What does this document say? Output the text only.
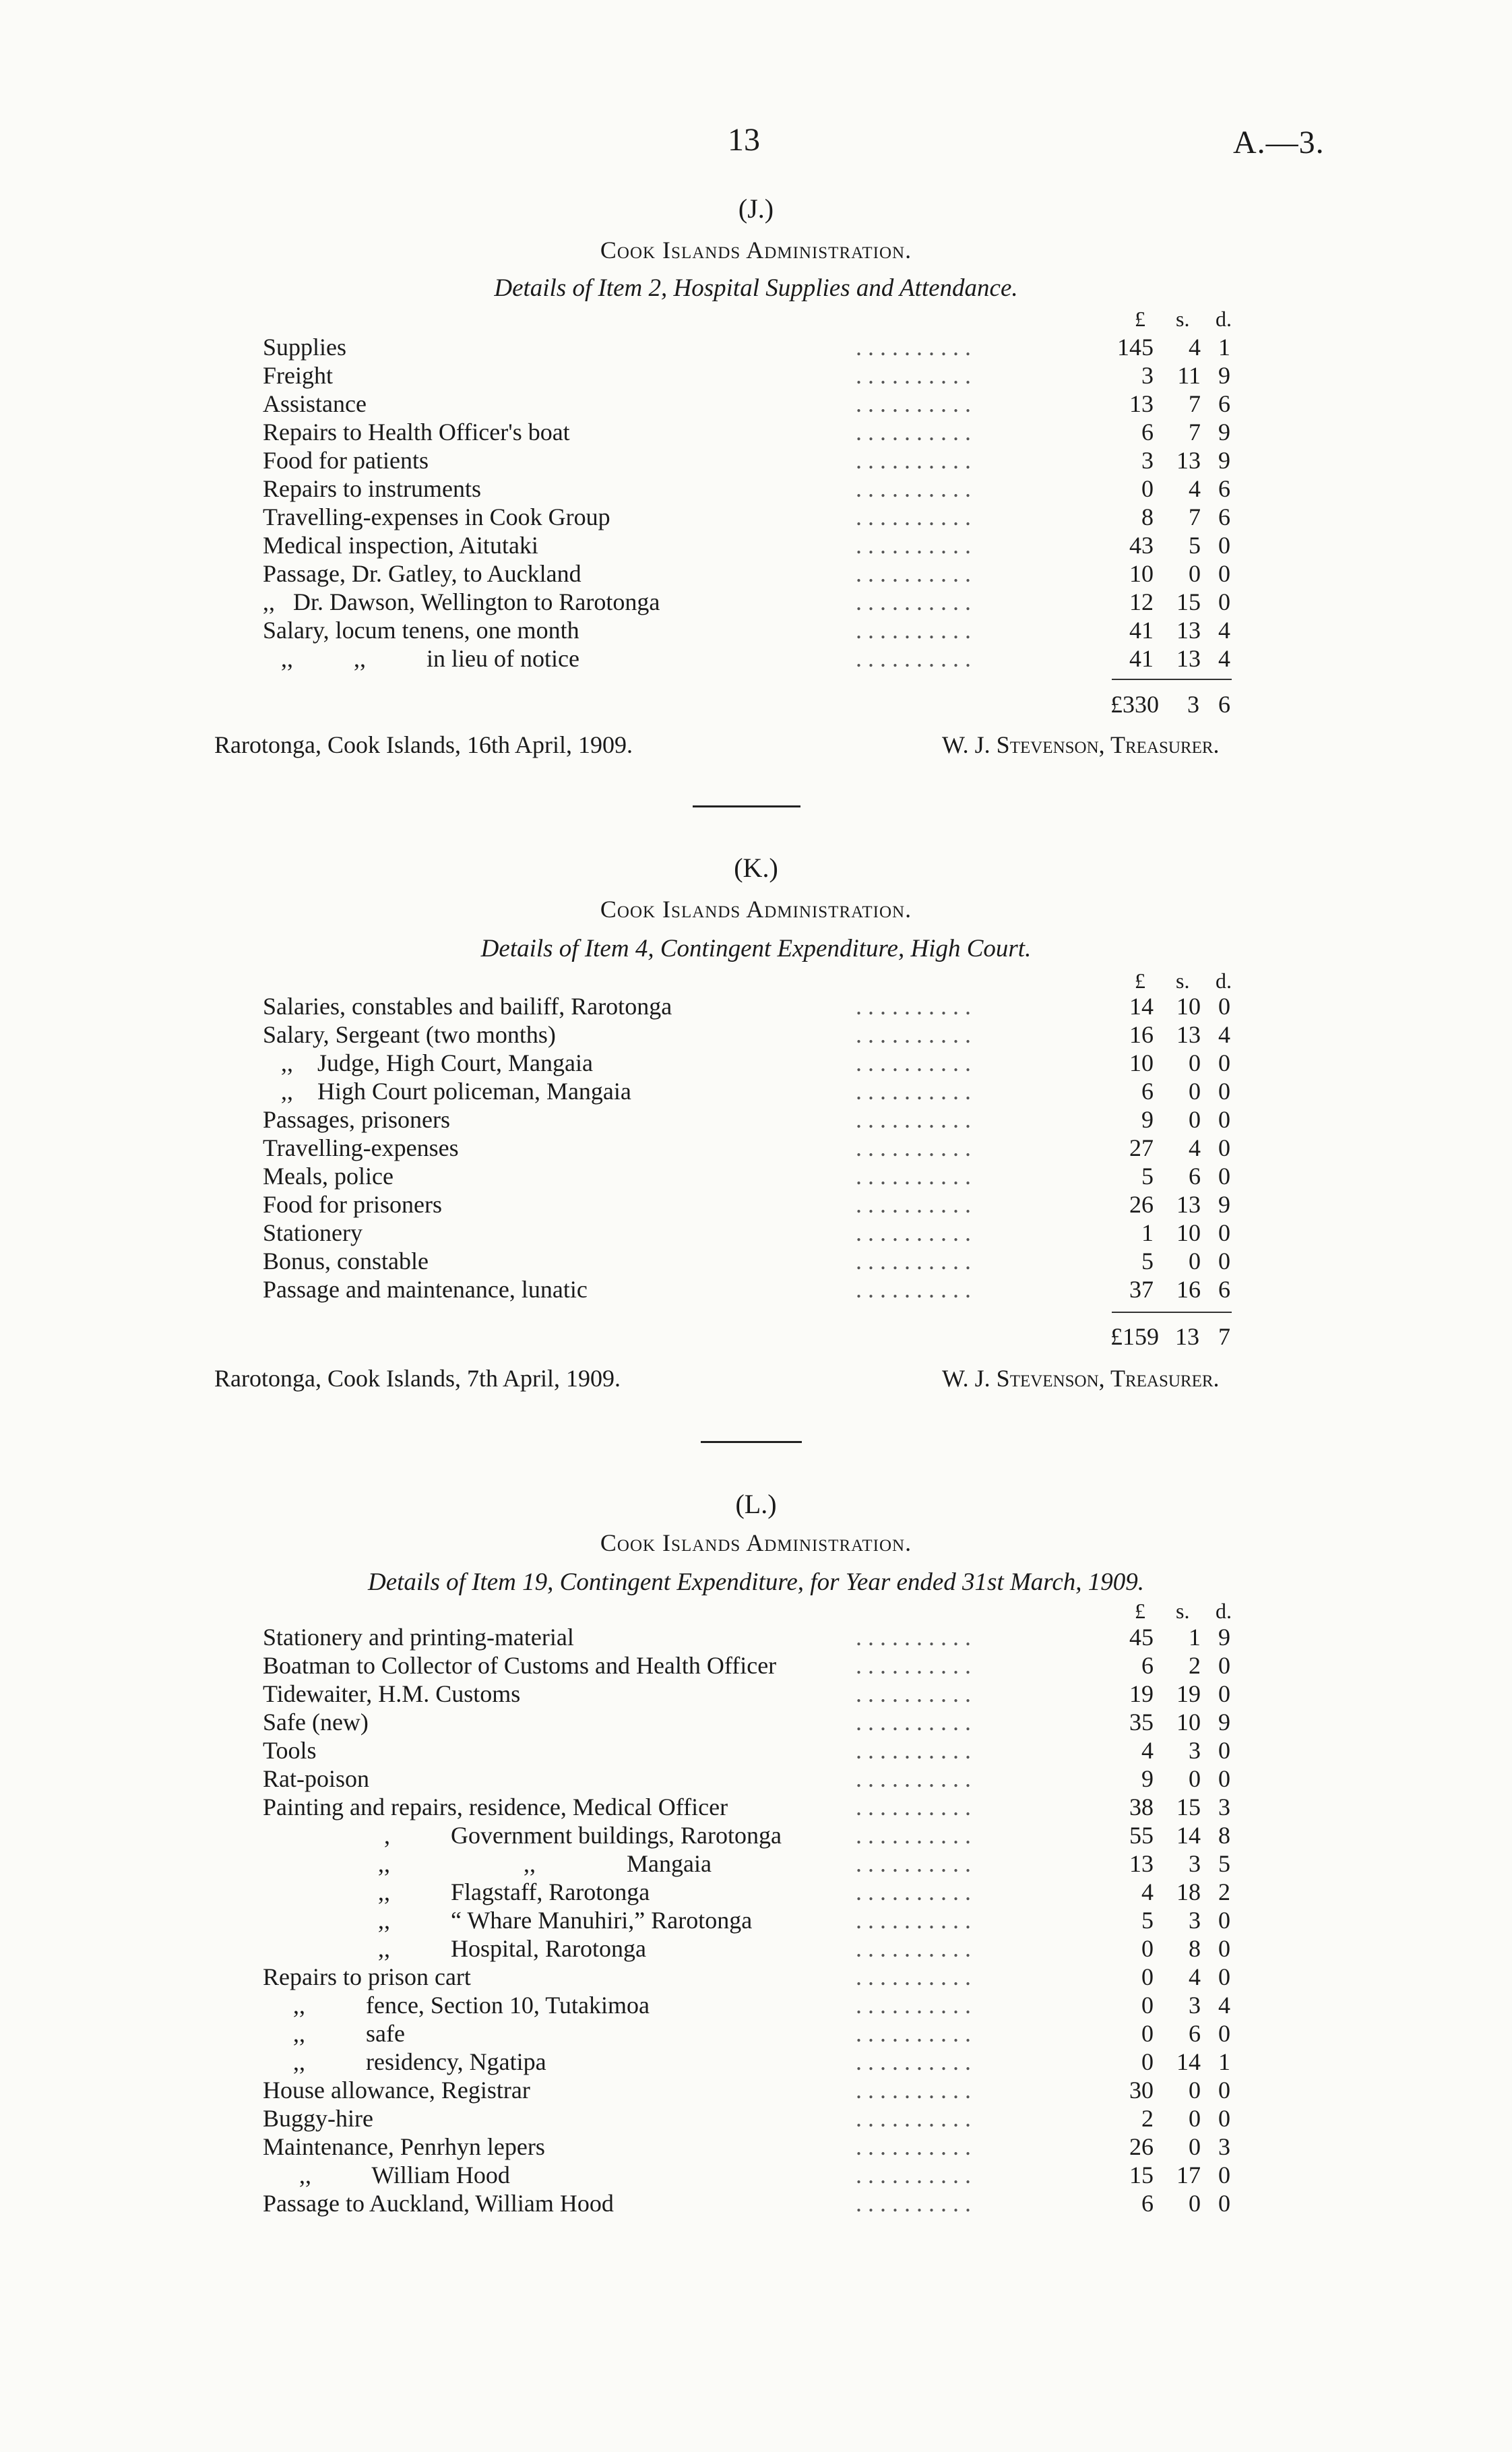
13	A.—3.
(J.)
Cook Islands Administration.
Details of Item 2, Hospital Supplies and Attendance.
£ s. d.
Supplies	. . . . . . . . . .	145	4 1
Freight	. . . . . . . . . .	3 11 9
Assistance	. . . . . . . . . .	13	7 6
Repairs to Health Officer's boat	. . . . . . . . . .	6	7 9
Food for patients	. . . . . . . . . .	3 13 9
Repairs to instruments	. . . . . . . . . .	0	4 6
Travelling-expenses in Cook Group	. . . . . . . . . .	8	7 6
Medical inspection, Aitutaki	. . . . . . . . . .	43	5 0
Passage, Dr. Gatley, to Auckland	. . . . . . . . . .	10	0 0
,,   Dr. Dawson, Wellington to Rarotonga	. . . . . . . . . .	12 15 0
Salary, locum tenens, one month	. . . . . . . . . .	41 13 4
,,          ,,          in lieu of notice	. . . . . . . . . .	41 13 4
£330	3 6
Rarotonga, Cook Islands, 16th April, 1909.	W. J. Stevenson, Treasurer.
(K.)
Cook Islands Administration.
Details of Item 4, Contingent Expenditure, High Court.
£ s. d.
Salaries, constables and bailiff, Rarotonga	. . . . . . . . . .	14 10 0
Salary, Sergeant (two months)	. . . . . . . . . .	16 13 4
,,    Judge, High Court, Mangaia	. . . . . . . . . .	10	0 0
,,    High Court policeman, Mangaia	. . . . . . . . . .	6	0 0
Passages, prisoners	. . . . . . . . . .	9	0 0
Travelling-expenses	. . . . . . . . . .	27	4 0
Meals, police	. . . . . . . . . .	5	6 0
Food for prisoners	. . . . . . . . . .	26 13 9
Stationery	. . . . . . . . . .	1 10 0
Bonus, constable	. . . . . . . . . .	5	0 0
Passage and maintenance, lunatic	. . . . . . . . . .	37 16 6
£159 13 7
Rarotonga, Cook Islands, 7th April, 1909.	W. J. Stevenson, Treasurer.
(L.)
Cook Islands Administration.
Details of Item 19, Contingent Expenditure, for Year ended 31st March, 1909.
£ s. d.
Stationery and printing-material	. . . . . . . . . .	45	1 9
Boatman to Collector of Customs and Health Officer	. . . . . . . . . .	6	2 0
Tidewaiter, H.M. Customs	. . . . . . . . . .	19 19 0
Safe (new)	. . . . . . . . . .	35 10 9
Tools	. . . . . . . . . .	4	3 0
Rat-poison	. . . . . . . . . .	9	0 0
Painting and repairs, residence, Medical Officer	. . . . . . . . . .	38 15 3
,          Government buildings, Rarotonga	. . . . . . . . . .	55 14 8
,,                      ,,               Mangaia	. . . . . . . . . .	13	3 5
,,          Flagstaff, Rarotonga	. . . . . . . . . .	4 18 2
,,          “ Whare Manuhiri,” Rarotonga	. . . . . . . . . .	5	3 0
,,          Hospital, Rarotonga	. . . . . . . . . .	0	8 0
Repairs to prison cart	. . . . . . . . . .	0	4 0
,,          fence, Section 10, Tutakimoa	. . . . . . . . . .	0	3 4
,,          safe	. . . . . . . . . .	0	6 0
,,          residency, Ngatipa	. . . . . . . . . .	0 14 1
House allowance, Registrar	. . . . . . . . . .	30	0 0
Buggy-hire	. . . . . . . . . .	2	0 0
Maintenance, Penrhyn lepers	. . . . . . . . . .	26	0 3
,,          William Hood	. . . . . . . . . .	15 17 0
Passage to Auckland, William Hood	. . . . . . . . . .	6	0 0
